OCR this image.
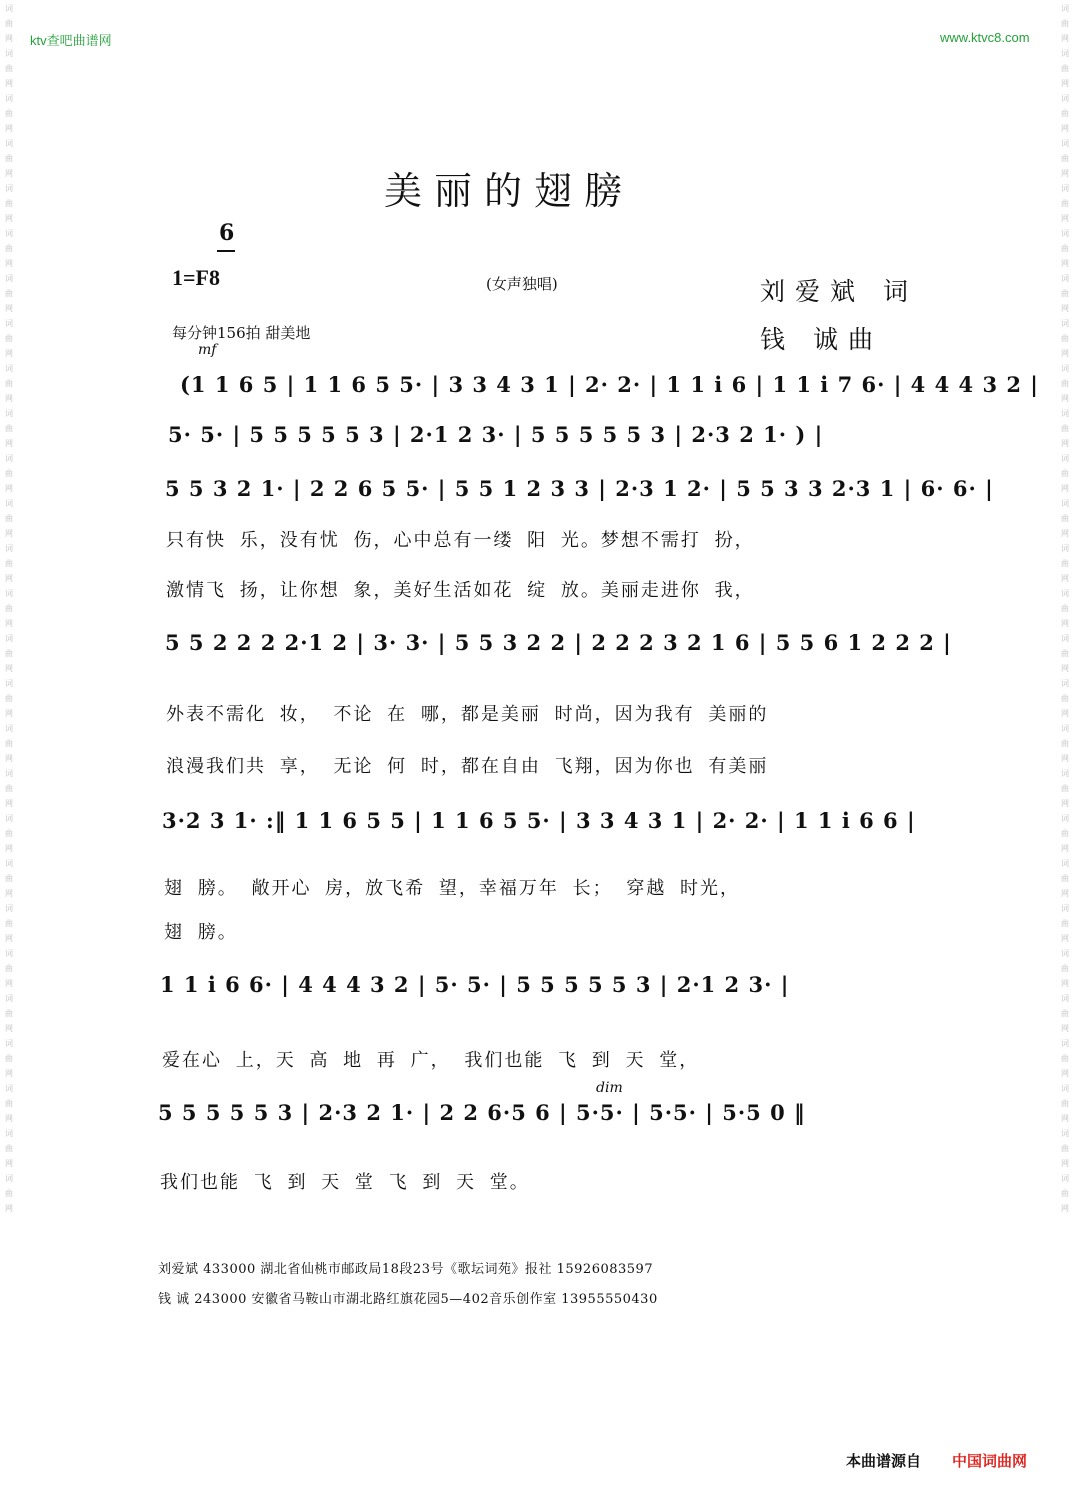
词
曲
网
词
曲
网
词
曲
网
词
曲
网
词
曲
网
词
曲
网
词
曲
网
词
曲
网
词
曲
网
词
曲
网
词
曲
网
词
曲
网
词
曲
网
词
曲
网
词
曲
网
词
曲
网
词
曲
网
词
曲
网
词
曲
网
词
曲
网
词
曲
网
词
曲
网
词
曲
网
词
曲
网
词
曲
网
词
曲
网
词
曲
网
词
曲
网
词
曲
网
词
曲
网
词
曲
网
词
曲
网
词
曲
网
词
曲
网
词
曲
网
词
曲
网
词
曲
网
词
曲
网
词
曲
网
词
曲
网
词
曲
网
词
曲
网
词
曲
网
词
曲
网
词
曲
网
词
曲
网
词
曲
网
词
曲
网
词
曲
网
词
曲
网
词
曲
网
词
曲
网
词
曲
网
词
曲
网
ktv查吧曲谱网	www.ktvc8.com
美丽的翅膀
6
1=F8	(女声独唱)	刘爱斌 词
钱 诚曲
每分钟156拍 甜美地
mf
dim
(1 1 6 5 | 1 1 6 5 5· | 3 3 4 3 1 | 2· 2· | 1 1 i 6 | 1 1 i 7 6· | 4 4 4 3 2 |
5· 5· | 5 5 5 5 5 3 | 2·1 2 3· | 5 5 5 5 5 3 | 2·3 2 1· ) |
5 5 3 2 1· | 2 2 6 5 5· | 5 5 1 2 3 3 | 2·3 1 2· | 5 5 3 3 2·3 1 | 6· 6· |
只有快 乐，没有忧 伤，心中总有一缕 阳 光。梦想不需打 扮，
激情飞 扬，让你想 象，美好生活如花 绽 放。美丽走进你 我，
5 5 2 2 2 2·1 2 | 3· 3· | 5 5 3 2 2 | 2 2 2 3 2 1 6 | 5 5 6 1 2 2 2 |
外表不需化 妆， 不论 在 哪，都是美丽 时尚，因为我有 美丽的
浪漫我们共 享， 无论 何 时，都在自由 飞翔，因为你也 有美丽
3·2 3 1· :‖ 1 1 6 5 5 | 1 1 6 5 5· | 3 3 4 3 1 | 2· 2· | 1 1 i 6 6 |
翅 膀。 敞开心 房，放飞希 望，幸福万年 长； 穿越 时光，
翅 膀。
1 1 i 6 6· | 4 4 4 3 2 | 5· 5· | 5 5 5 5 5 3 | 2·1 2 3· |
爱在心 上，天 高 地 再 广， 我们也能 飞 到 天 堂，
5 5 5 5 5 3 | 2·3 2 1· | 2 2 6·5 6 | 5·5· | 5·5· | 5·5 0 ‖
我们也能 飞 到 天 堂 飞 到 天 堂。
刘爱斌 433000 湖北省仙桃市邮政局18段23号《歌坛词苑》报社 15926083597
钱 诚 243000 安徽省马鞍山市湖北路红旗花园5—402音乐创作室 13955550430
本曲谱源自 中国词曲网
